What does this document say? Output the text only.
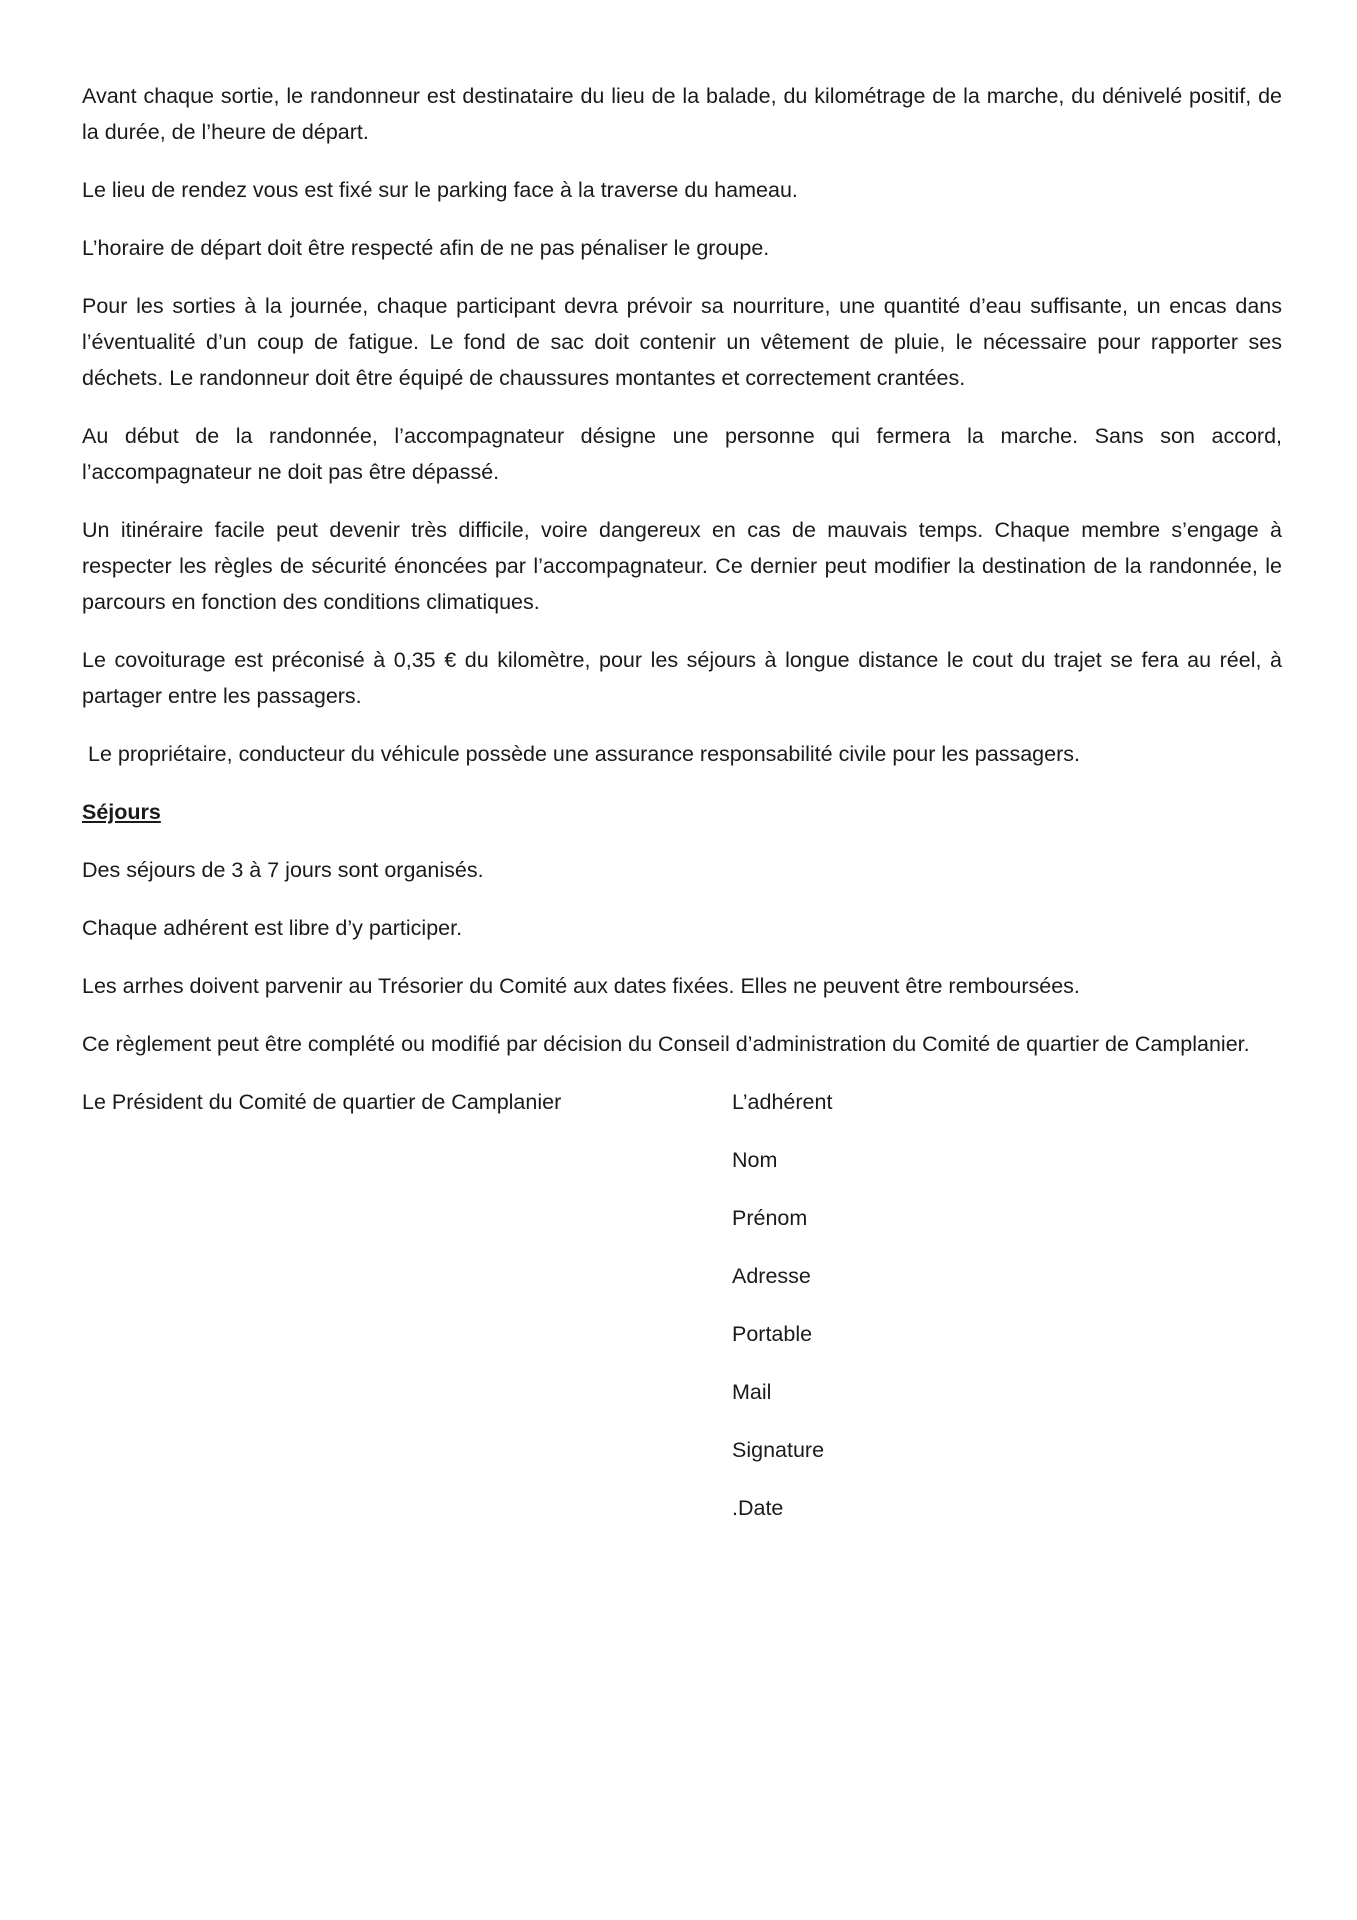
Avant chaque sortie, le randonneur est destinataire du lieu de la balade, du kilométrage de la marche, du dénivelé positif, de la durée, de l’heure de départ.

Le lieu de rendez vous est fixé sur le parking face à la traverse du hameau.

L’horaire de départ doit être respecté afin de ne pas pénaliser le groupe.

Pour les sorties à la journée, chaque participant devra prévoir sa nourriture, une quantité d’eau suffisante, un encas dans l’éventualité d’un coup de fatigue. Le fond de sac doit contenir un vêtement de pluie, le nécessaire pour rapporter ses déchets. Le randonneur doit être équipé de chaussures montantes et correctement crantées.

Au début de la randonnée, l’accompagnateur désigne une personne qui fermera la marche. Sans son accord, l’accompagnateur ne doit pas être dépassé.

Un itinéraire facile peut devenir très difficile, voire dangereux en cas de mauvais temps. Chaque membre s’engage à respecter les règles de sécurité énoncées par l’accompagnateur. Ce dernier peut modifier la destination de la randonnée, le parcours en fonction des conditions climatiques.

Le covoiturage est préconisé à 0,35 € du kilomètre, pour les séjours à longue distance le cout du trajet se fera au réel, à partager entre les passagers.

Le propriétaire, conducteur du véhicule possède une assurance responsabilité civile pour les passagers.

Séjours

Des séjours de 3 à 7 jours sont organisés.

Chaque adhérent est libre d’y participer.

Les arrhes doivent parvenir au Trésorier du Comité aux dates fixées. Elles ne peuvent être remboursées.

Ce règlement peut être complété ou modifié par décision du Conseil d’administration du Comité de quartier de Camplanier.

Le Président du Comité de quartier de Camplanier	L’adhérent

Nom

Prénom

Adresse

Portable

Mail

Signature

.Date
